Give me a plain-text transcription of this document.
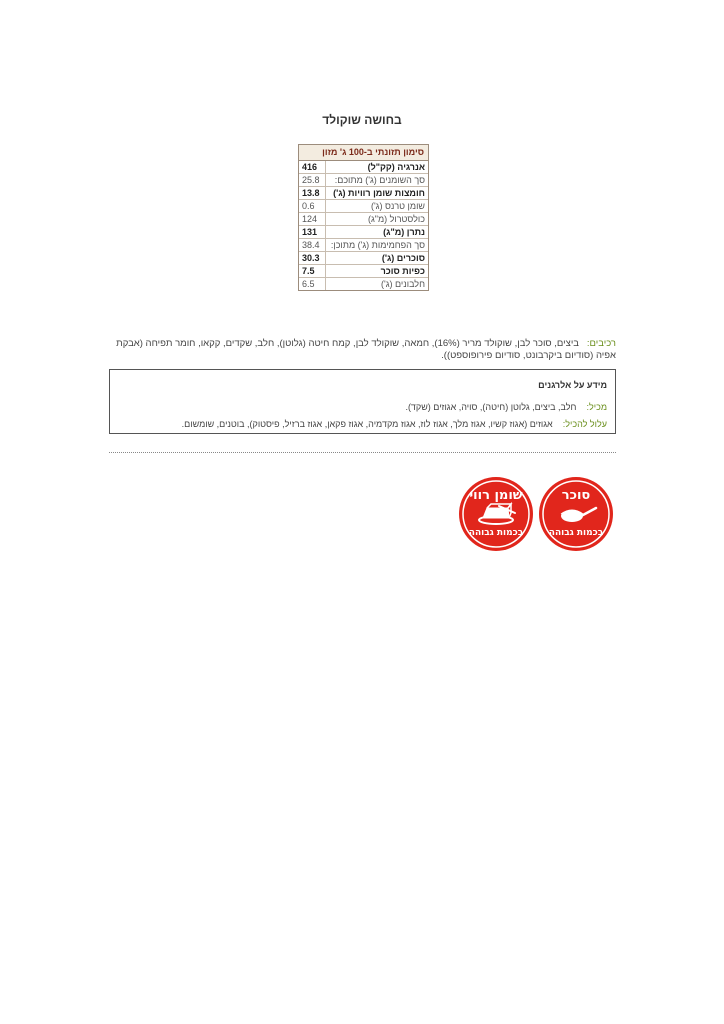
בחושה שוקולד
סימון תזונתי ב-100 ג' מזון
אנרגיה (קק"ל)	416
סך השומנים (ג') מתוכם:	25.8
חומצות שומן רוויות (ג')	13.8
שומן טרנס (ג')	0.6
כולסטרול (מ"ג)	124
נתרן (מ"ג)	131
סך הפחמימות (ג') מתוכן:	38.4
סוכרים (ג')	30.3
כפיות סוכר	7.5
חלבונים (ג')	6.5
רכיבים:   ביצים, סוכר לבן, שוקולד מריר (16%), חמאה, שוקולד לבן, קמח חיטה (גלוטן), חלב, שקדים, קקאו, חומר תפיחה (אבקת אפיה (סודיום ביקרבונט, סודיום פירופוספט)).
מידע על אלרגנים
מכיל:    חלב, ביצים, גלוטן (חיטה), סויה, אגוזים (שקד).
עלול להכיל:    אגוזים (אגוז קשיו, אגוז מלך, אגוז לוז, אגוז מקדמיה, אגוז פקאן, אגוז ברזיל, פיסטוק), בוטנים, שומשום.
שומן רווי
בכמות גבוהה
סוכר
בכמות גבוהה
